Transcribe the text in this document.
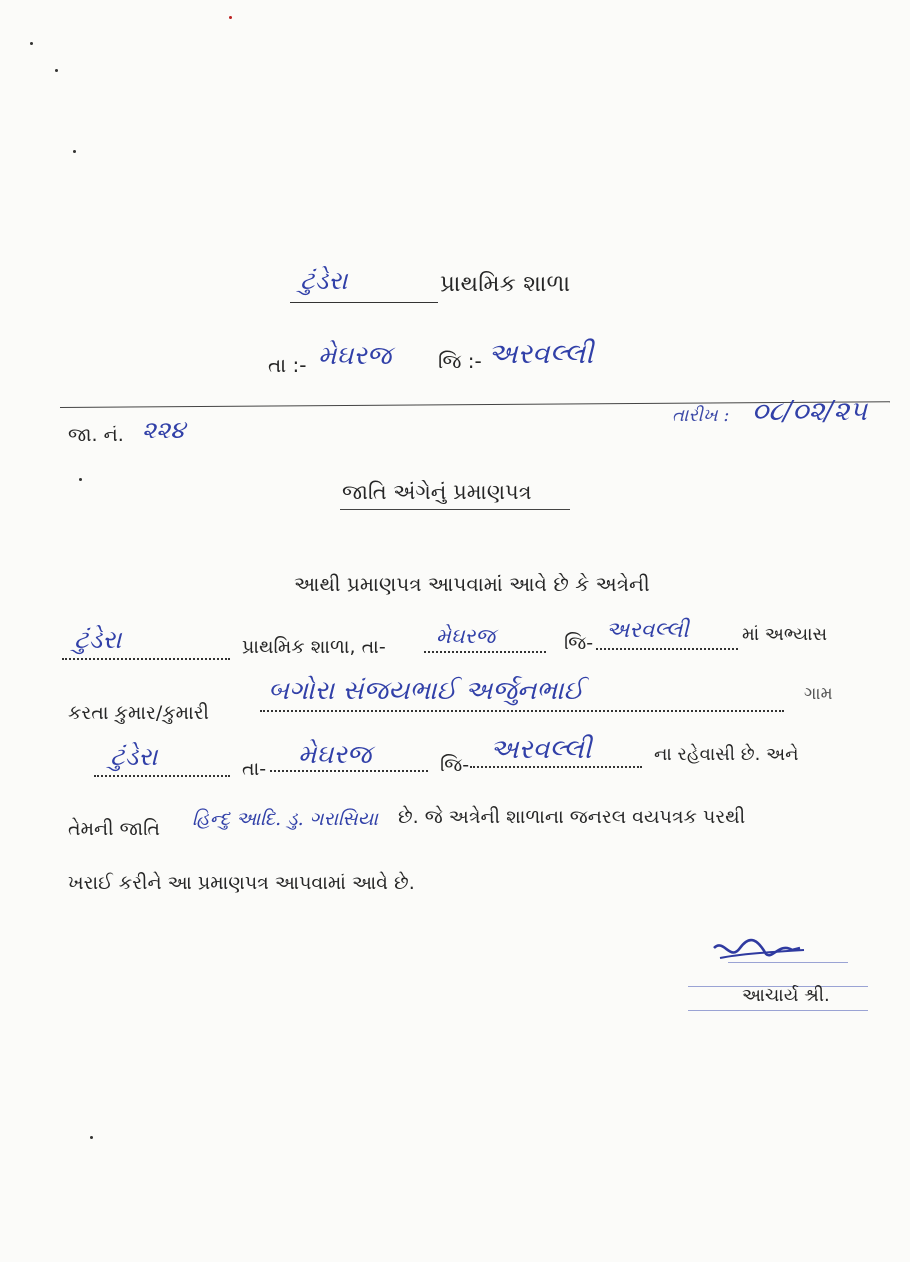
ટુંડેરા	પ્રાથમિક શાળા
તા :- મેઘરજ જિ :- અરવલ્લી
જા. નં. ૨૨૪
તારીખ : ૦૮/૦૨/૨૫
જાતિ અંગેનું પ્રમાણપત્ર
આથી પ્રમાણપત્ર આપવામાં આવે છે કે અત્રેની
ટુંડેરા	પ્રાથમિક શાળા, તા- મેઘરજ	જિ- અરવલ્લી	માં અભ્યાસ
કરતા કુમાર/કુમારી
બગોરા સંજયભાઈ અર્જુનભાઈ	ગામ
ટુંડેરા	તા- મેઘરજ	જિ- અરવલ્લી	ના રહેવાસી છે. અને
તેમની જાતિ હિન્દુ આદિ. ડુ. ગરાસિયા છે. જે અત્રેની શાળાના જનરલ વયપત્રક પરથી
ખરાઈ કરીને આ પ્રમાણપત્ર આપવામાં આવે છે.
આચાર્ય શ્રી.
